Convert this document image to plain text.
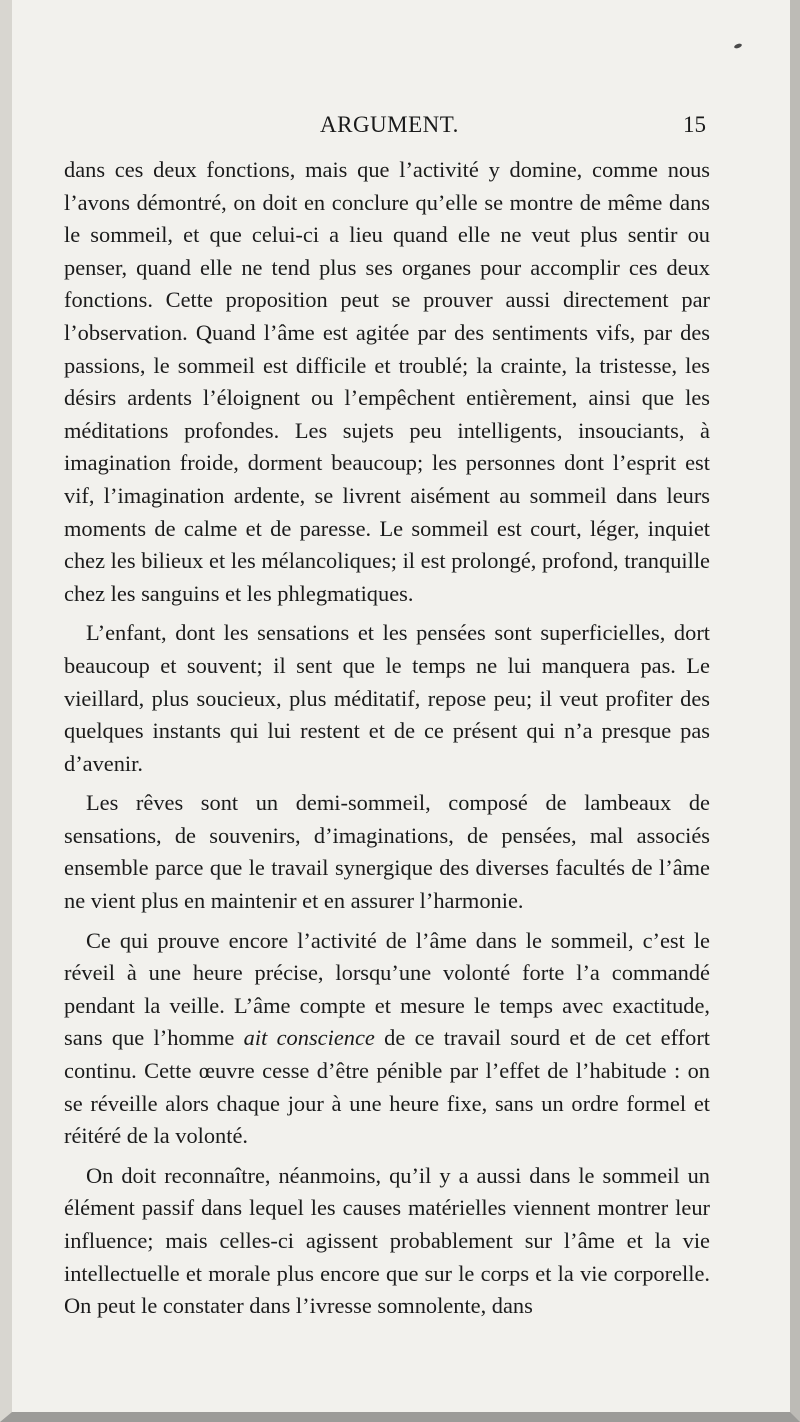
ARGUMENT.	15

dans ces deux fonctions, mais que l’activité y domine, comme nous l’avons démontré, on doit en conclure qu’elle se montre de même dans le sommeil, et que celui-ci a lieu quand elle ne veut plus sentir ou penser, quand elle ne tend plus ses organes pour accomplir ces deux fonctions. Cette proposition peut se prouver aussi directement par l’observation. Quand l’âme est agitée par des sentiments vifs, par des passions, le sommeil est difficile et troublé; la crainte, la tristesse, les désirs ardents l’éloignent ou l’empêchent entièrement, ainsi que les méditations profondes. Les sujets peu intelligents, insouciants, à imagination froide, dorment beaucoup; les personnes dont l’esprit est vif, l’imagination ardente, se livrent aisément au sommeil dans leurs moments de calme et de paresse. Le sommeil est court, léger, inquiet chez les bilieux et les mélancoliques; il est prolongé, profond, tranquille chez les sanguins et les phlegmatiques.

L’enfant, dont les sensations et les pensées sont superficielles, dort beaucoup et souvent; il sent que le temps ne lui manquera pas. Le vieillard, plus soucieux, plus méditatif, repose peu; il veut profiter des quelques instants qui lui restent et de ce présent qui n’a presque pas d’avenir.

Les rêves sont un demi-sommeil, composé de lambeaux de sensations, de souvenirs, d’imaginations, de pensées, mal associés ensemble parce que le travail synergique des diverses facultés de l’âme ne vient plus en maintenir et en assurer l’harmonie.

Ce qui prouve encore l’activité de l’âme dans le sommeil, c’est le réveil à une heure précise, lorsqu’une volonté forte l’a commandé pendant la veille. L’âme compte et mesure le temps avec exactitude, sans que l’homme ait conscience de ce travail sourd et de cet effort continu. Cette œuvre cesse d’être pénible par l’effet de l’habitude : on se réveille alors chaque jour à une heure fixe, sans un ordre formel et réitéré de la volonté.

On doit reconnaître, néanmoins, qu’il y a aussi dans le sommeil un élément passif dans lequel les causes matérielles viennent montrer leur influence; mais celles-ci agissent probablement sur l’âme et la vie intellectuelle et morale plus encore que sur le corps et la vie corporelle. On peut le constater dans l’ivresse somnolente, dans
